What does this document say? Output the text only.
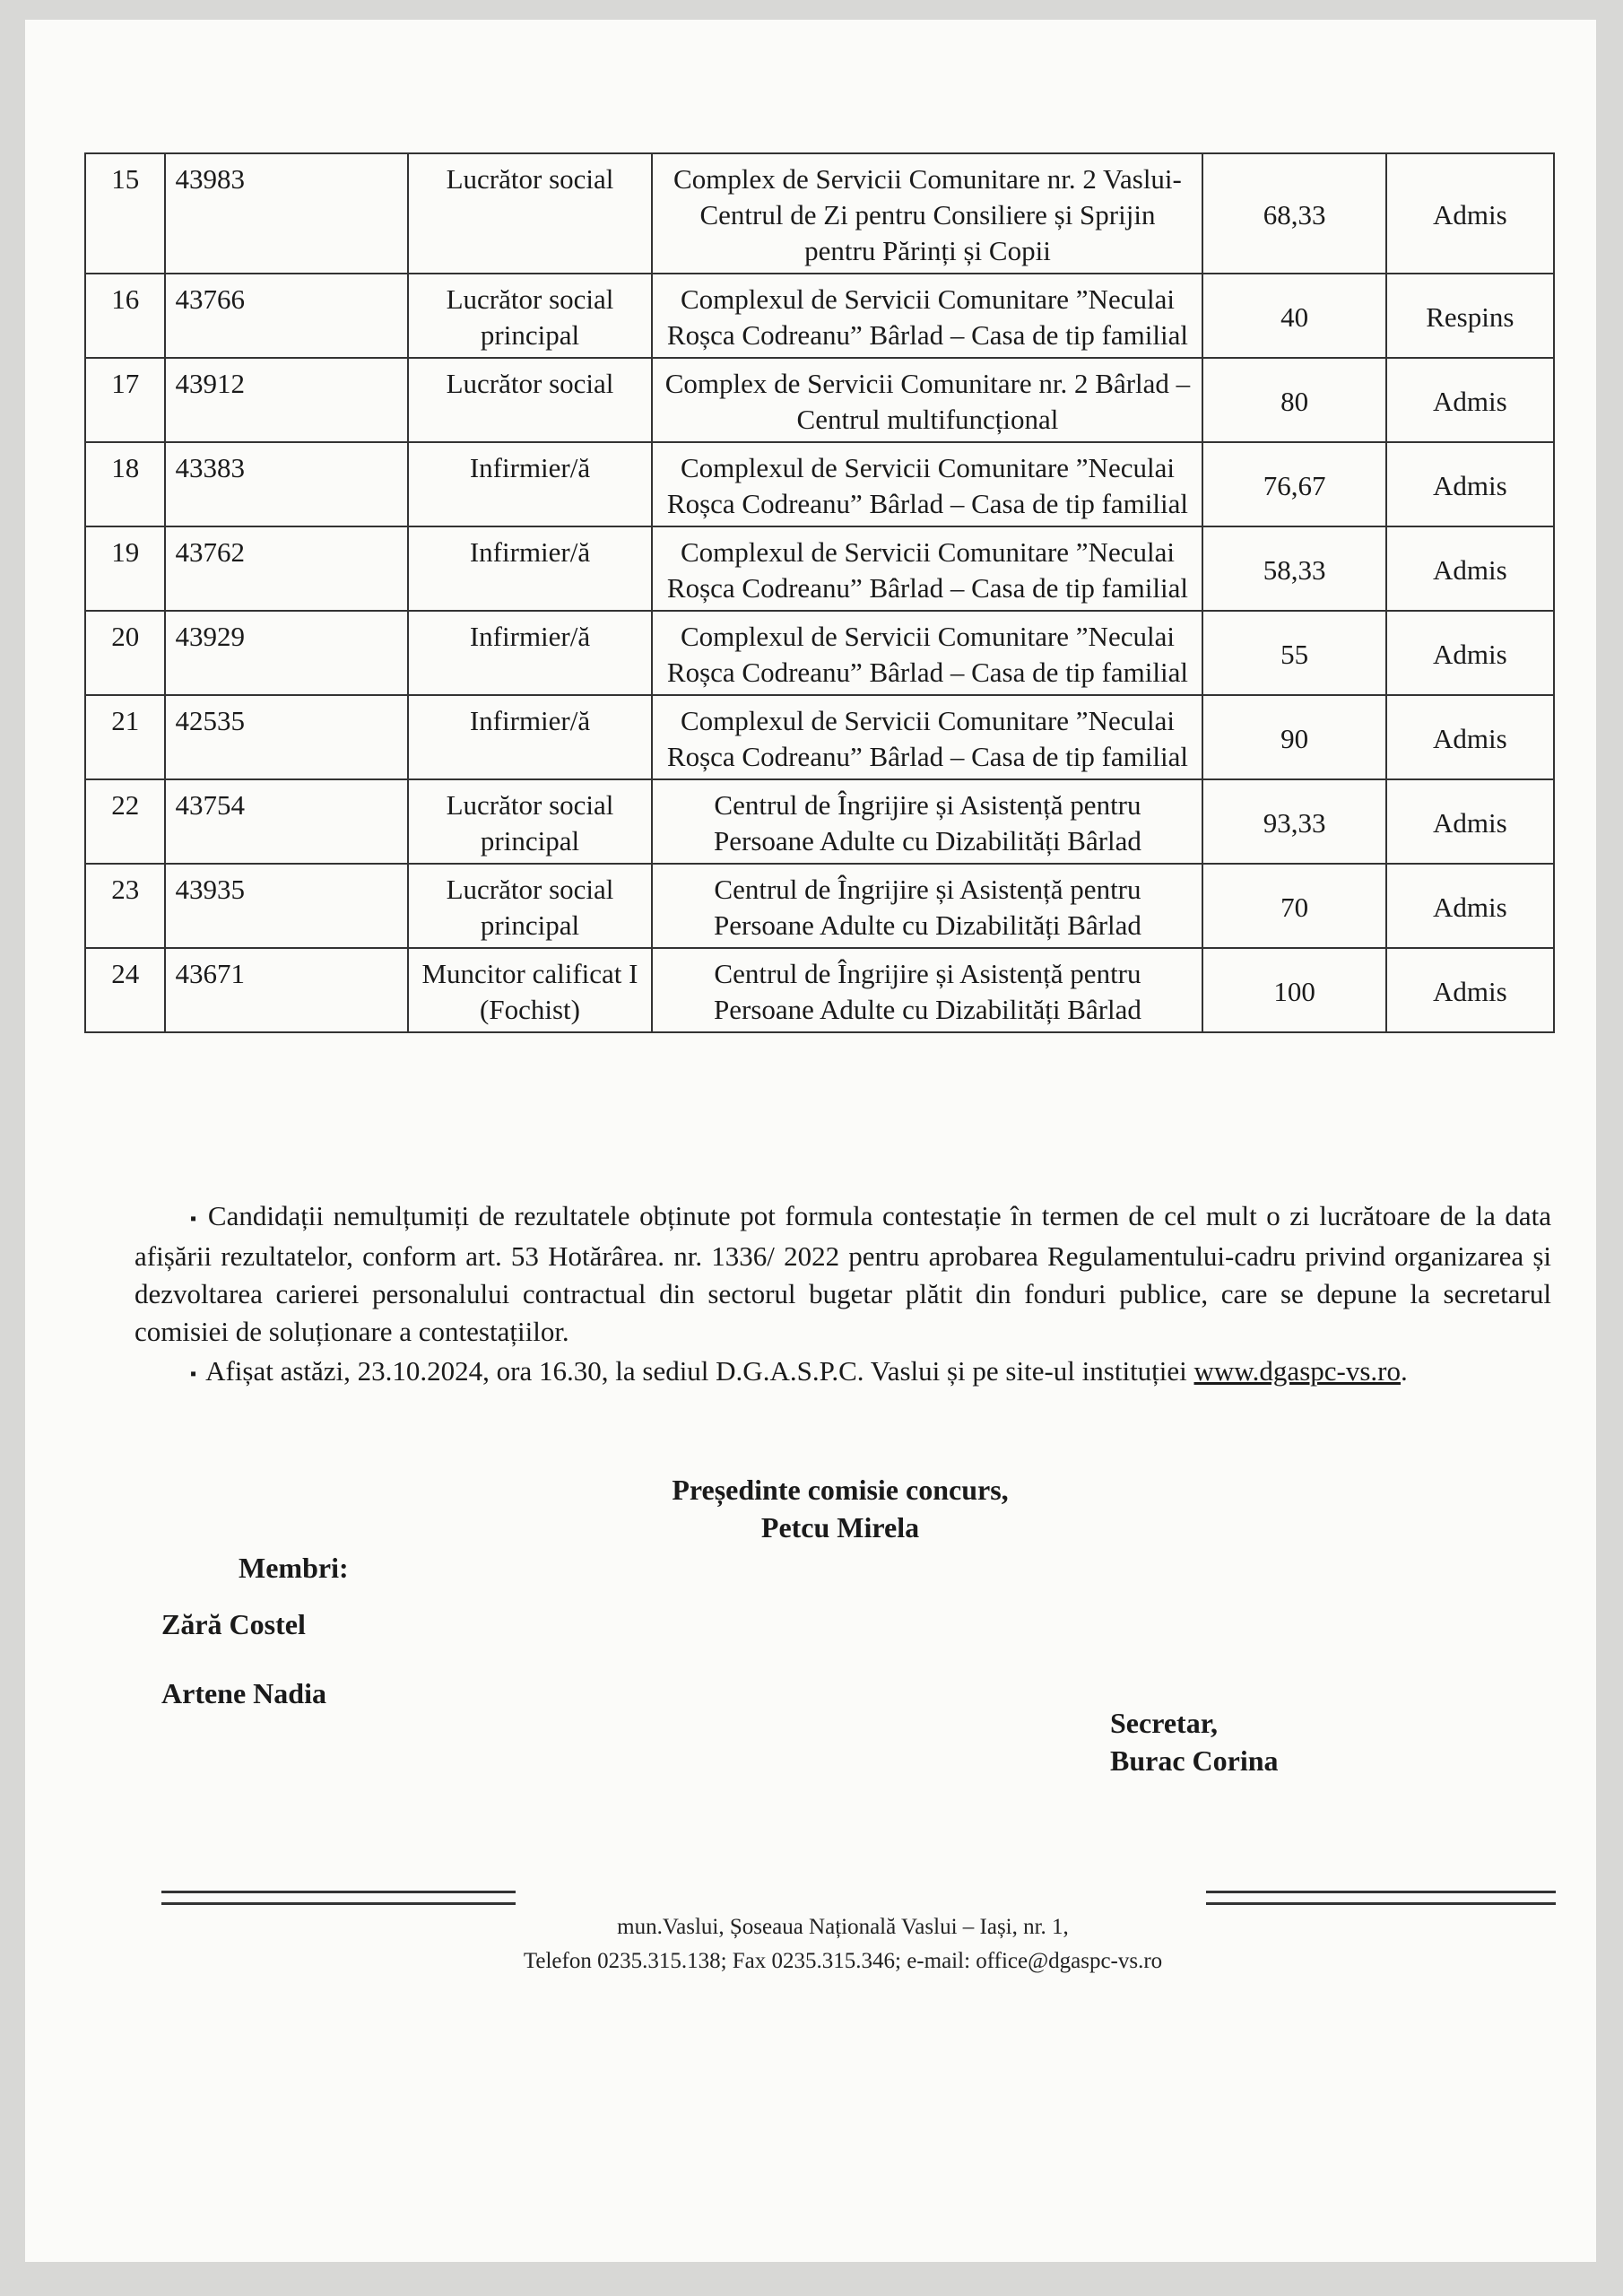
15	43983	Lucrător social	Complex de Servicii Comunitare nr. 2 Vaslui- Centrul de Zi pentru Consiliere și Sprijin pentru Părinți și Copii	68,33	Admis
16	43766	Lucrător social principal	Complexul de Servicii Comunitare ”Neculai Roșca Codreanu” Bârlad – Casa de tip familial	40	Respins
17	43912	Lucrător social	Complex de Servicii Comunitare nr. 2 Bârlad – Centrul multifuncțional	80	Admis
18	43383	Infirmier/ă	Complexul de Servicii Comunitare ”Neculai Roșca Codreanu” Bârlad – Casa de tip familial	76,67	Admis
19	43762	Infirmier/ă	Complexul de Servicii Comunitare ”Neculai Roșca Codreanu” Bârlad – Casa de tip familial	58,33	Admis
20	43929	Infirmier/ă	Complexul de Servicii Comunitare ”Neculai Roșca Codreanu” Bârlad – Casa de tip familial	55	Admis
21	42535	Infirmier/ă	Complexul de Servicii Comunitare ”Neculai Roșca Codreanu” Bârlad – Casa de tip familial	90	Admis
22	43754	Lucrător social principal	Centrul de Îngrijire și Asistență pentru Persoane Adulte cu Dizabilități Bârlad	93,33	Admis
23	43935	Lucrător social principal	Centrul de Îngrijire și Asistență pentru Persoane Adulte cu Dizabilități Bârlad	70	Admis
24	43671	Muncitor calificat I (Fochist)	Centrul de Îngrijire și Asistență pentru Persoane Adulte cu Dizabilități Bârlad	100	Admis

▪ Candidații nemulțumiți de rezultatele obținute pot formula contestație în termen de cel mult o zi lucrătoare de la data afișării rezultatelor, conform art. 53 Hotărârea. nr. 1336/ 2022 pentru aprobarea Regulamentului-cadru privind organizarea și dezvoltarea carierei personalului contractual din sectorul bugetar plătit din fonduri publice, care se depune la secretarul comisiei de soluționare a contestațiilor.

▪ Afișat astăzi, 23.10.2024, ora 16.30, la sediul D.G.A.S.P.C. Vaslui și pe site-ul instituției www.dgaspc-vs.ro.

Președinte comisie concurs,
Petcu Mirela
Membri:
Zără Costel
Artene Nadia
Secretar,
Burac Corina
mun.Vaslui, Șoseaua Națională Vaslui – Iași, nr. 1,
Telefon 0235.315.138; Fax 0235.315.346; e-mail: office@dgaspc-vs.ro
